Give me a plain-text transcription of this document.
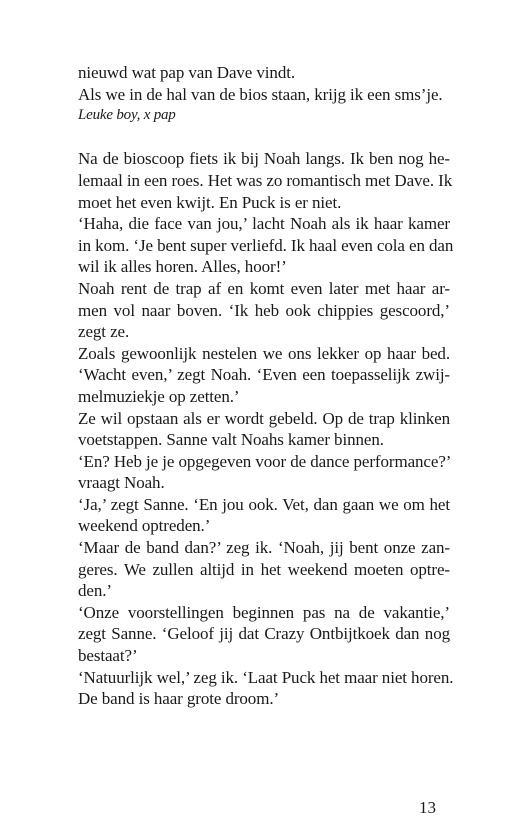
nieuwd wat pap van Dave vindt.
Als we in de hal van de bios staan, krijg ik een sms’je.
Leuke boy, x pap
Na de bioscoop fiets ik bij Noah langs. Ik ben nog he-
lemaal in een roes. Het was zo romantisch met Dave. Ik
moet het even kwijt. En Puck is er niet.
‘Haha, die face van jou,’ lacht Noah als ik haar kamer
in kom. ‘Je bent super verliefd. Ik haal even cola en dan
wil ik alles horen. Alles, hoor!’
Noah rent de trap af en komt even later met haar ar-
men vol naar boven. ‘Ik heb ook chippies gescoord,’
zegt ze.
Zoals gewoonlijk nestelen we ons lekker op haar bed.
‘Wacht even,’ zegt Noah. ‘Even een toepasselijk zwij-
melmuziekje op zetten.’
Ze wil opstaan als er wordt gebeld. Op de trap klinken
voetstappen. Sanne valt Noahs kamer binnen.
‘En? Heb je je opgegeven voor de dance performance?’
vraagt Noah.
‘Ja,’ zegt Sanne. ‘En jou ook. Vet, dan gaan we om het
weekend optreden.’
‘Maar de band dan?’ zeg ik. ‘Noah, jij bent onze zan-
geres. We zullen altijd in het weekend moeten optre-
den.’
‘Onze voorstellingen beginnen pas na de vakantie,’
zegt Sanne. ‘Geloof jij dat Crazy Ontbijtkoek dan nog
bestaat?’
‘Natuurlijk wel,’ zeg ik. ‘Laat Puck het maar niet horen.
De band is haar grote droom.’
13
